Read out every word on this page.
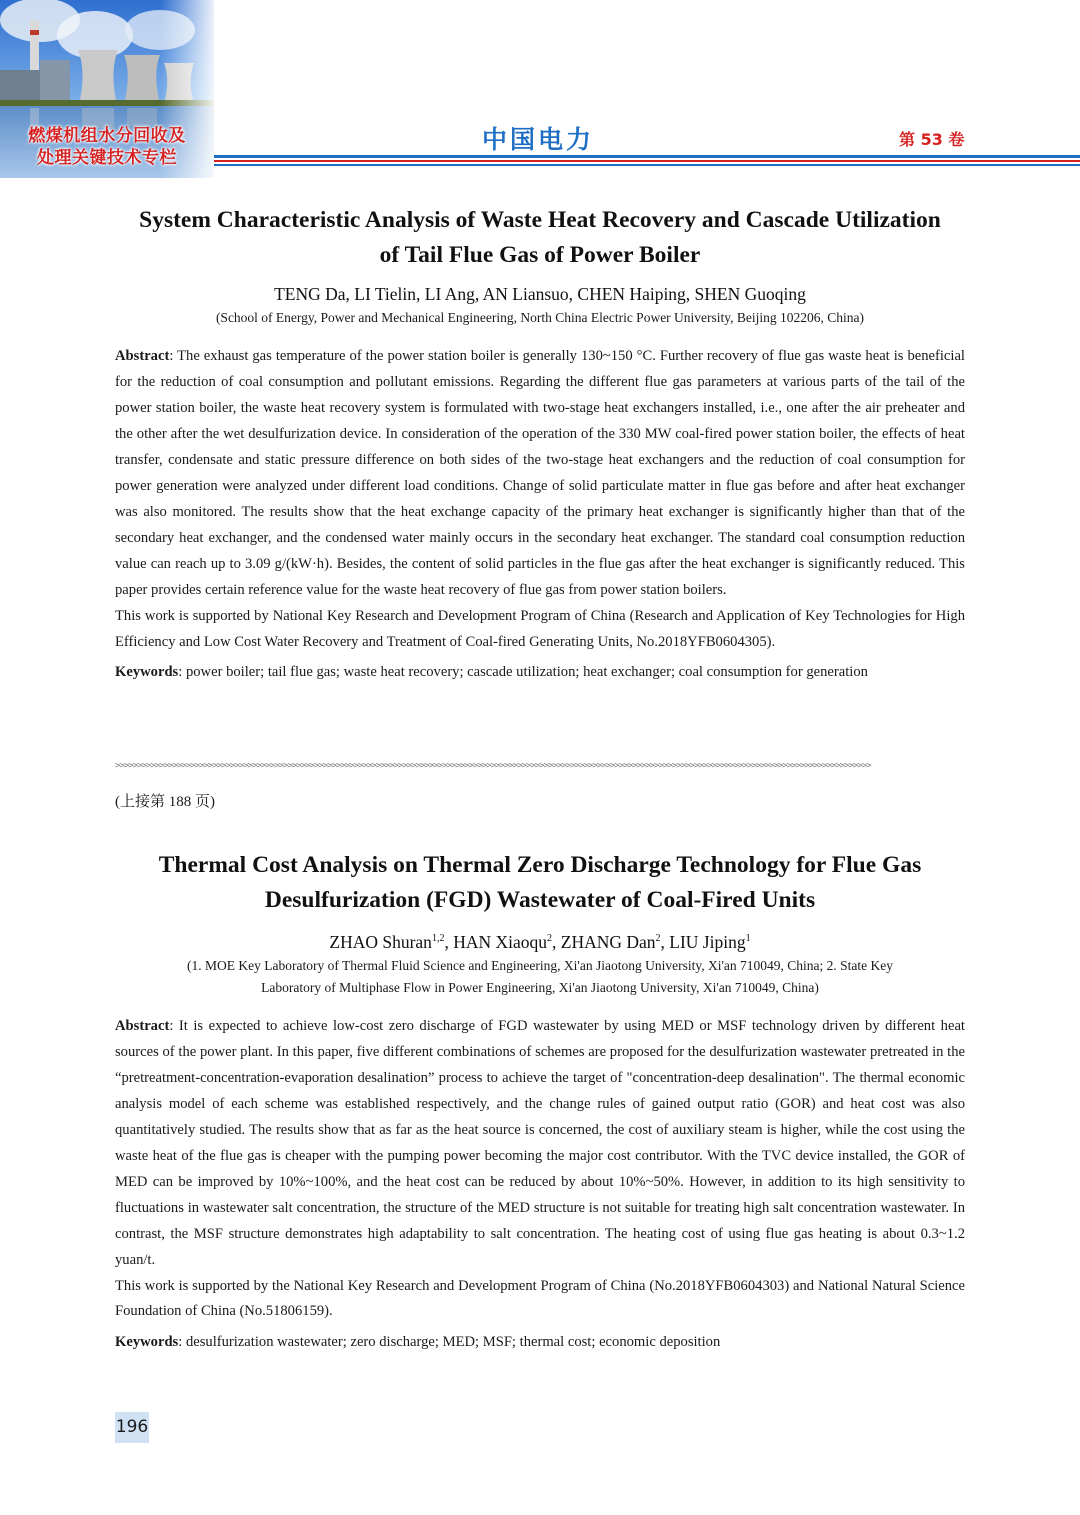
燃煤机组水分回收及
处理关键技术专栏
中国电力	第 53 卷
System Characteristic Analysis of Waste Heat Recovery and Cascade Utilization
of Tail Flue Gas of Power Boiler
TENG Da, LI Tielin, LI Ang, AN Liansuo, CHEN Haiping, SHEN Guoqing
(School of Energy, Power and Mechanical Engineering, North China Electric Power University, Beijing 102206, China)
Abstract: The exhaust gas temperature of the power station boiler is generally 130~150 °C. Further recovery of flue gas waste heat is beneficial for the reduction of coal consumption and pollutant emissions. Regarding the different flue gas parameters at various parts of the tail of the power station boiler, the waste heat recovery system is formulated with two-stage heat exchangers installed, i.e., one after the air preheater and the other after the wet desulfurization device. In consideration of the operation of the 330 MW coal-fired power station boiler, the effects of heat transfer, condensate and static pressure difference on both sides of the two-stage heat exchangers and the reduction of coal consumption for power generation were analyzed under different load conditions. Change of solid particulate matter in flue gas before and after heat exchanger was also monitored. The results show that the heat exchange capacity of the primary heat exchanger is significantly higher than that of the secondary heat exchanger, and the condensed water mainly occurs in the secondary heat exchanger. The standard coal consumption reduction value can reach up to 3.09 g/(kW·h). Besides, the content of solid particles in the flue gas after the heat exchanger is significantly reduced. This paper provides certain reference value for the waste heat recovery of flue gas from power station boilers.
This work is supported by National Key Research and Development Program of China (Research and Application of Key Technologies for High Efficiency and Low Cost Water Recovery and Treatment of Coal-fired Generating Units, No.2018YFB0604305).
Keywords: power boiler; tail flue gas; waste heat recovery; cascade utilization; heat exchanger; coal consumption for generation
>>>>>>>>>>>>>>>>>>>>>>>>>>>>>>>>>>>>>>>>>>>>>>>>>>>>>>>>>>>>>>>>>>>>>>>>>>>>>>>>>>>>>>>>>>>>>>>>>>>>>>>>>>>>>>>>>>>>>>>>>>>>>>>>>>>>>>>>>>>>>>>>>>>>>>>>>>>>>>>>>>>>>>>>>>>
(上接第 188 页)
Thermal Cost Analysis on Thermal Zero Discharge Technology for Flue Gas
Desulfurization (FGD) Wastewater of Coal-Fired Units
ZHAO Shuran$^{1,2}$, HAN Xiaoqu$^2$, ZHANG Dan$^2$, LIU Jiping$^1$
(1. MOE Key Laboratory of Thermal Fluid Science and Engineering, Xi'an Jiaotong University, Xi'an 710049, China; 2. State Key
Laboratory of Multiphase Flow in Power Engineering, Xi'an Jiaotong University, Xi'an 710049, China)
Abstract: It is expected to achieve low-cost zero discharge of FGD wastewater by using MED or MSF technology driven by different heat sources of the power plant. In this paper, five different combinations of schemes are proposed for the desulfurization wastewater pretreated in the “pretreatment-concentration-evaporation desalination” process to achieve the target of "concentration-deep desalination". The thermal economic analysis model of each scheme was established respectively, and the change rules of gained output ratio (GOR) and heat cost was also quantitatively studied. The results show that as far as the heat source is concerned, the cost of auxiliary steam is higher, while the cost using the waste heat of the flue gas is cheaper with the pumping power becoming the major cost contributor. With the TVC device installed, the GOR of MED can be improved by 10%~100%, and the heat cost can be reduced by about 10%~50%. However, in addition to its high sensitivity to fluctuations in wastewater salt concentration, the structure of the MED structure is not suitable for treating high salt concentration wastewater. In contrast, the MSF structure demonstrates high adaptability to salt concentration. The heating cost of using flue gas heating is about 0.3~1.2 yuan/t.
This work is supported by the National Key Research and Development Program of China (No.2018YFB0604303) and National Natural Science Foundation of China (No.51806159).
Keywords: desulfurization wastewater; zero discharge; MED; MSF; thermal cost; economic deposition
196
